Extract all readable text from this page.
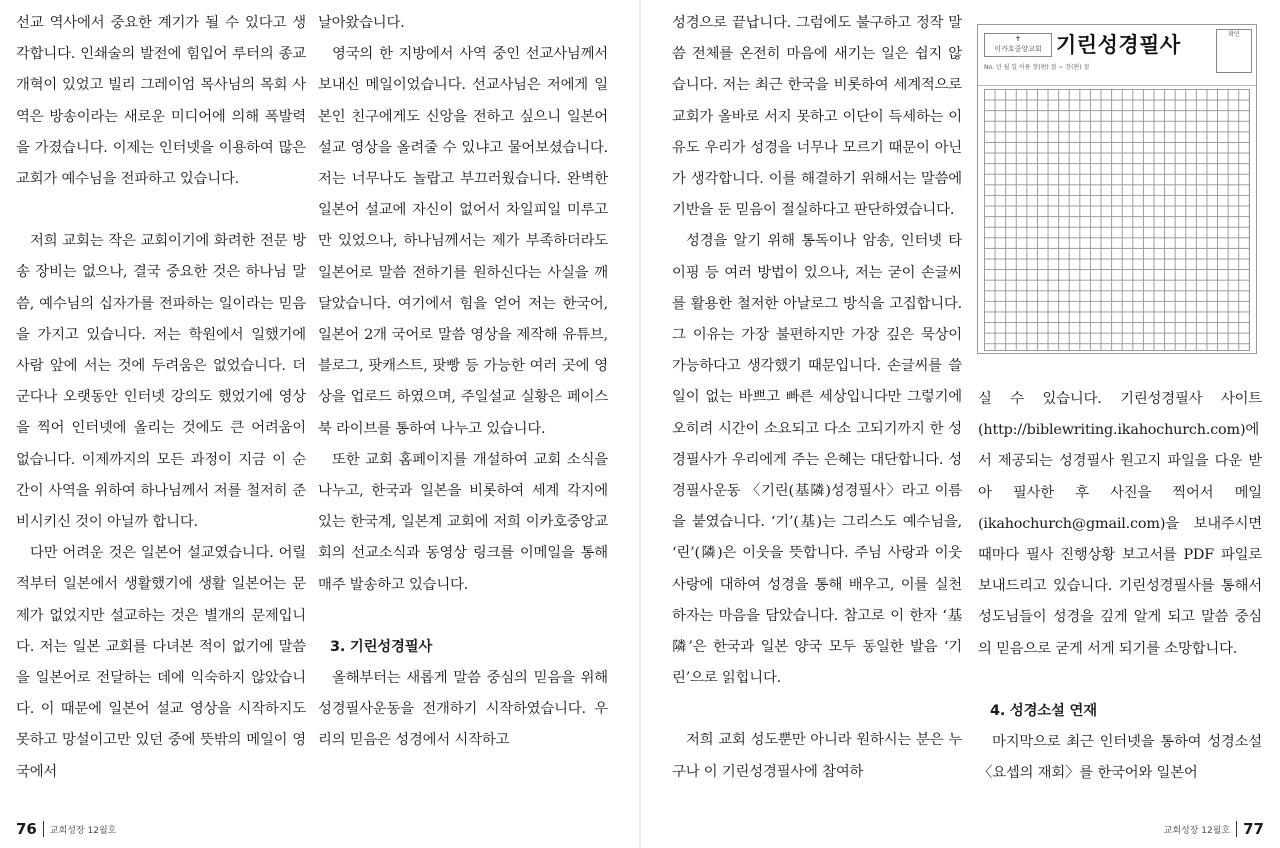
선교 역사에서 중요한 계기가 될 수 있다고 생각합니다. 인쇄술의 발전에 힘입어 루터의 종교개혁이 있었고 빌리 그레이엄 목사님의 목회 사역은 방송이라는 새로운 미디어에 의해 폭발력을 가졌습니다. 이제는 인터넷을 이용하여 많은 교회가 예수님을 전파하고 있습니다.

저희 교회는 작은 교회이기에 화려한 전문 방송 장비는 없으나, 결국 중요한 것은 하나님 말씀, 예수님의 십자가를 전파하는 일이라는 믿음을 가지고 있습니다. 저는 학원에서 일했기에 사람 앞에 서는 것에 두려움은 없었습니다. 더군다나 오랫동안 인터넷 강의도 했었기에 영상을 찍어 인터넷에 올리는 것에도 큰 어려움이 없습니다. 이제까지의 모든 과정이 지금 이 순간이 사역을 위하여 하나님께서 저를 철저히 준비시키신 것이 아닐까 합니다.

다만 어려운 것은 일본어 설교였습니다. 어릴 적부터 일본에서 생활했기에 생활 일본어는 문제가 없었지만 설교하는 것은 별개의 문제입니다. 저는 일본 교회를 다녀본 적이 없기에 말씀을 일본어로 전달하는 데에 익숙하지 않았습니다. 이 때문에 일본어 설교 영상을 시작하지도 못하고 망설이고만 있던 중에 뜻밖의 메일이 영국에서

날아왔습니다.

영국의 한 지방에서 사역 중인 선교사님께서 보내신 메일이었습니다. 선교사님은 저에게 일본인 친구에게도 신앙을 전하고 싶으니 일본어 설교 영상을 올려줄 수 있냐고 물어보셨습니다. 저는 너무나도 놀랍고 부끄러웠습니다. 완벽한 일본어 설교에 자신이 없어서 차일피일 미루고만 있었으나, 하나님께서는 제가 부족하더라도 일본어로 말씀 전하기를 원하신다는 사실을 깨달았습니다. 여기에서 힘을 얻어 저는 한국어, 일본어 2개 국어로 말씀 영상을 제작해 유튜브, 블로그, 팟캐스트, 팟빵 등 가능한 여러 곳에 영상을 업로드 하였으며, 주일설교 실황은 페이스북 라이브를 통하여 나누고 있습니다.

또한 교회 홈페이지를 개설하여 교회 소식을 나누고, 한국과 일본을 비롯하여 세계 각지에 있는 한국계, 일본계 교회에 저희 이카호중앙교회의 선교소식과 동영상 링크를 이메일을 통해 매주 발송하고 있습니다.

3. 기린성경필사

올해부터는 새롭게 말씀 중심의 믿음을 위해 성경필사운동을 전개하기 시작하였습니다. 우리의 믿음은 성경에서 시작하고

성경으로 끝납니다. 그럼에도 불구하고 정작 말씀 전체를 온전히 마음에 새기는 일은 쉽지 않습니다. 저는 최근 한국을 비롯하여 세계적으로 교회가 올바로 서지 못하고 이단이 득세하는 이유도 우리가 성경을 너무나 모르기 때문이 아닌가 생각합니다. 이를 해결하기 위해서는 말씀에 기반을 둔 믿음이 절실하다고 판단하였습니다.

성경을 알기 위해 통독이나 암송, 인터넷 타이핑 등 여러 방법이 있으나, 저는 굳이 손글씨를 활용한 철저한 아날로그 방식을 고집합니다. 그 이유는 가장 불편하지만 가장 깊은 묵상이 가능하다고 생각했기 때문입니다. 손글씨를 쓸 일이 없는 바쁘고 빠른 세상입니다만 그렇기에 오히려 시간이 소요되고 다소 고되기까지 한 성경필사가 우리에게 주는 은혜는 대단합니다. 성경필사운동 〈기린(基隣)성경필사〉라고 이름을 붙였습니다. ‘기’(基)는 그리스도 예수님을, ‘린’(隣)은 이웃을 뜻합니다. 주님 사랑과 이웃 사랑에 대하여 성경을 통해 배우고, 이를 실천하자는 마음을 담았습니다. 참고로 이 한자 ‘基隣’은 한국과 일본 양국 모두 동일한 발음 ‘기린’으로 읽힙니다.

저희 교회 성도뿐만 아니라 원하시는 분은 누구나 이 기린성경필사에 참여하

✝
이카호중앙교회 기린성경필사	확인
No. 년 월 일 이름 장(편) 절 ~ 장(편) 절

실 수 있습니다. 기린성경필사 사이트(http://biblewriting.ikahochurch.com)에서 제공되는 성경필사 원고지 파일을 다운 받아 필사한 후 사진을 찍어서 메일(ikahochurch@gmail.com)을 보내주시면 때마다 필사 진행상황 보고서를 PDF 파일로 보내드리고 있습니다. 기린성경필사를 통해서 성도님들이 성경을 깊게 알게 되고 말씀 중심의 믿음으로 굳게 서게 되기를 소망합니다.

4. 성경소설 연재

마지막으로 최근 인터넷을 통하여 성경소설 〈요셉의 재회〉를 한국어와 일본어

76 교회성장 12월호	교회성장 12월호 77
